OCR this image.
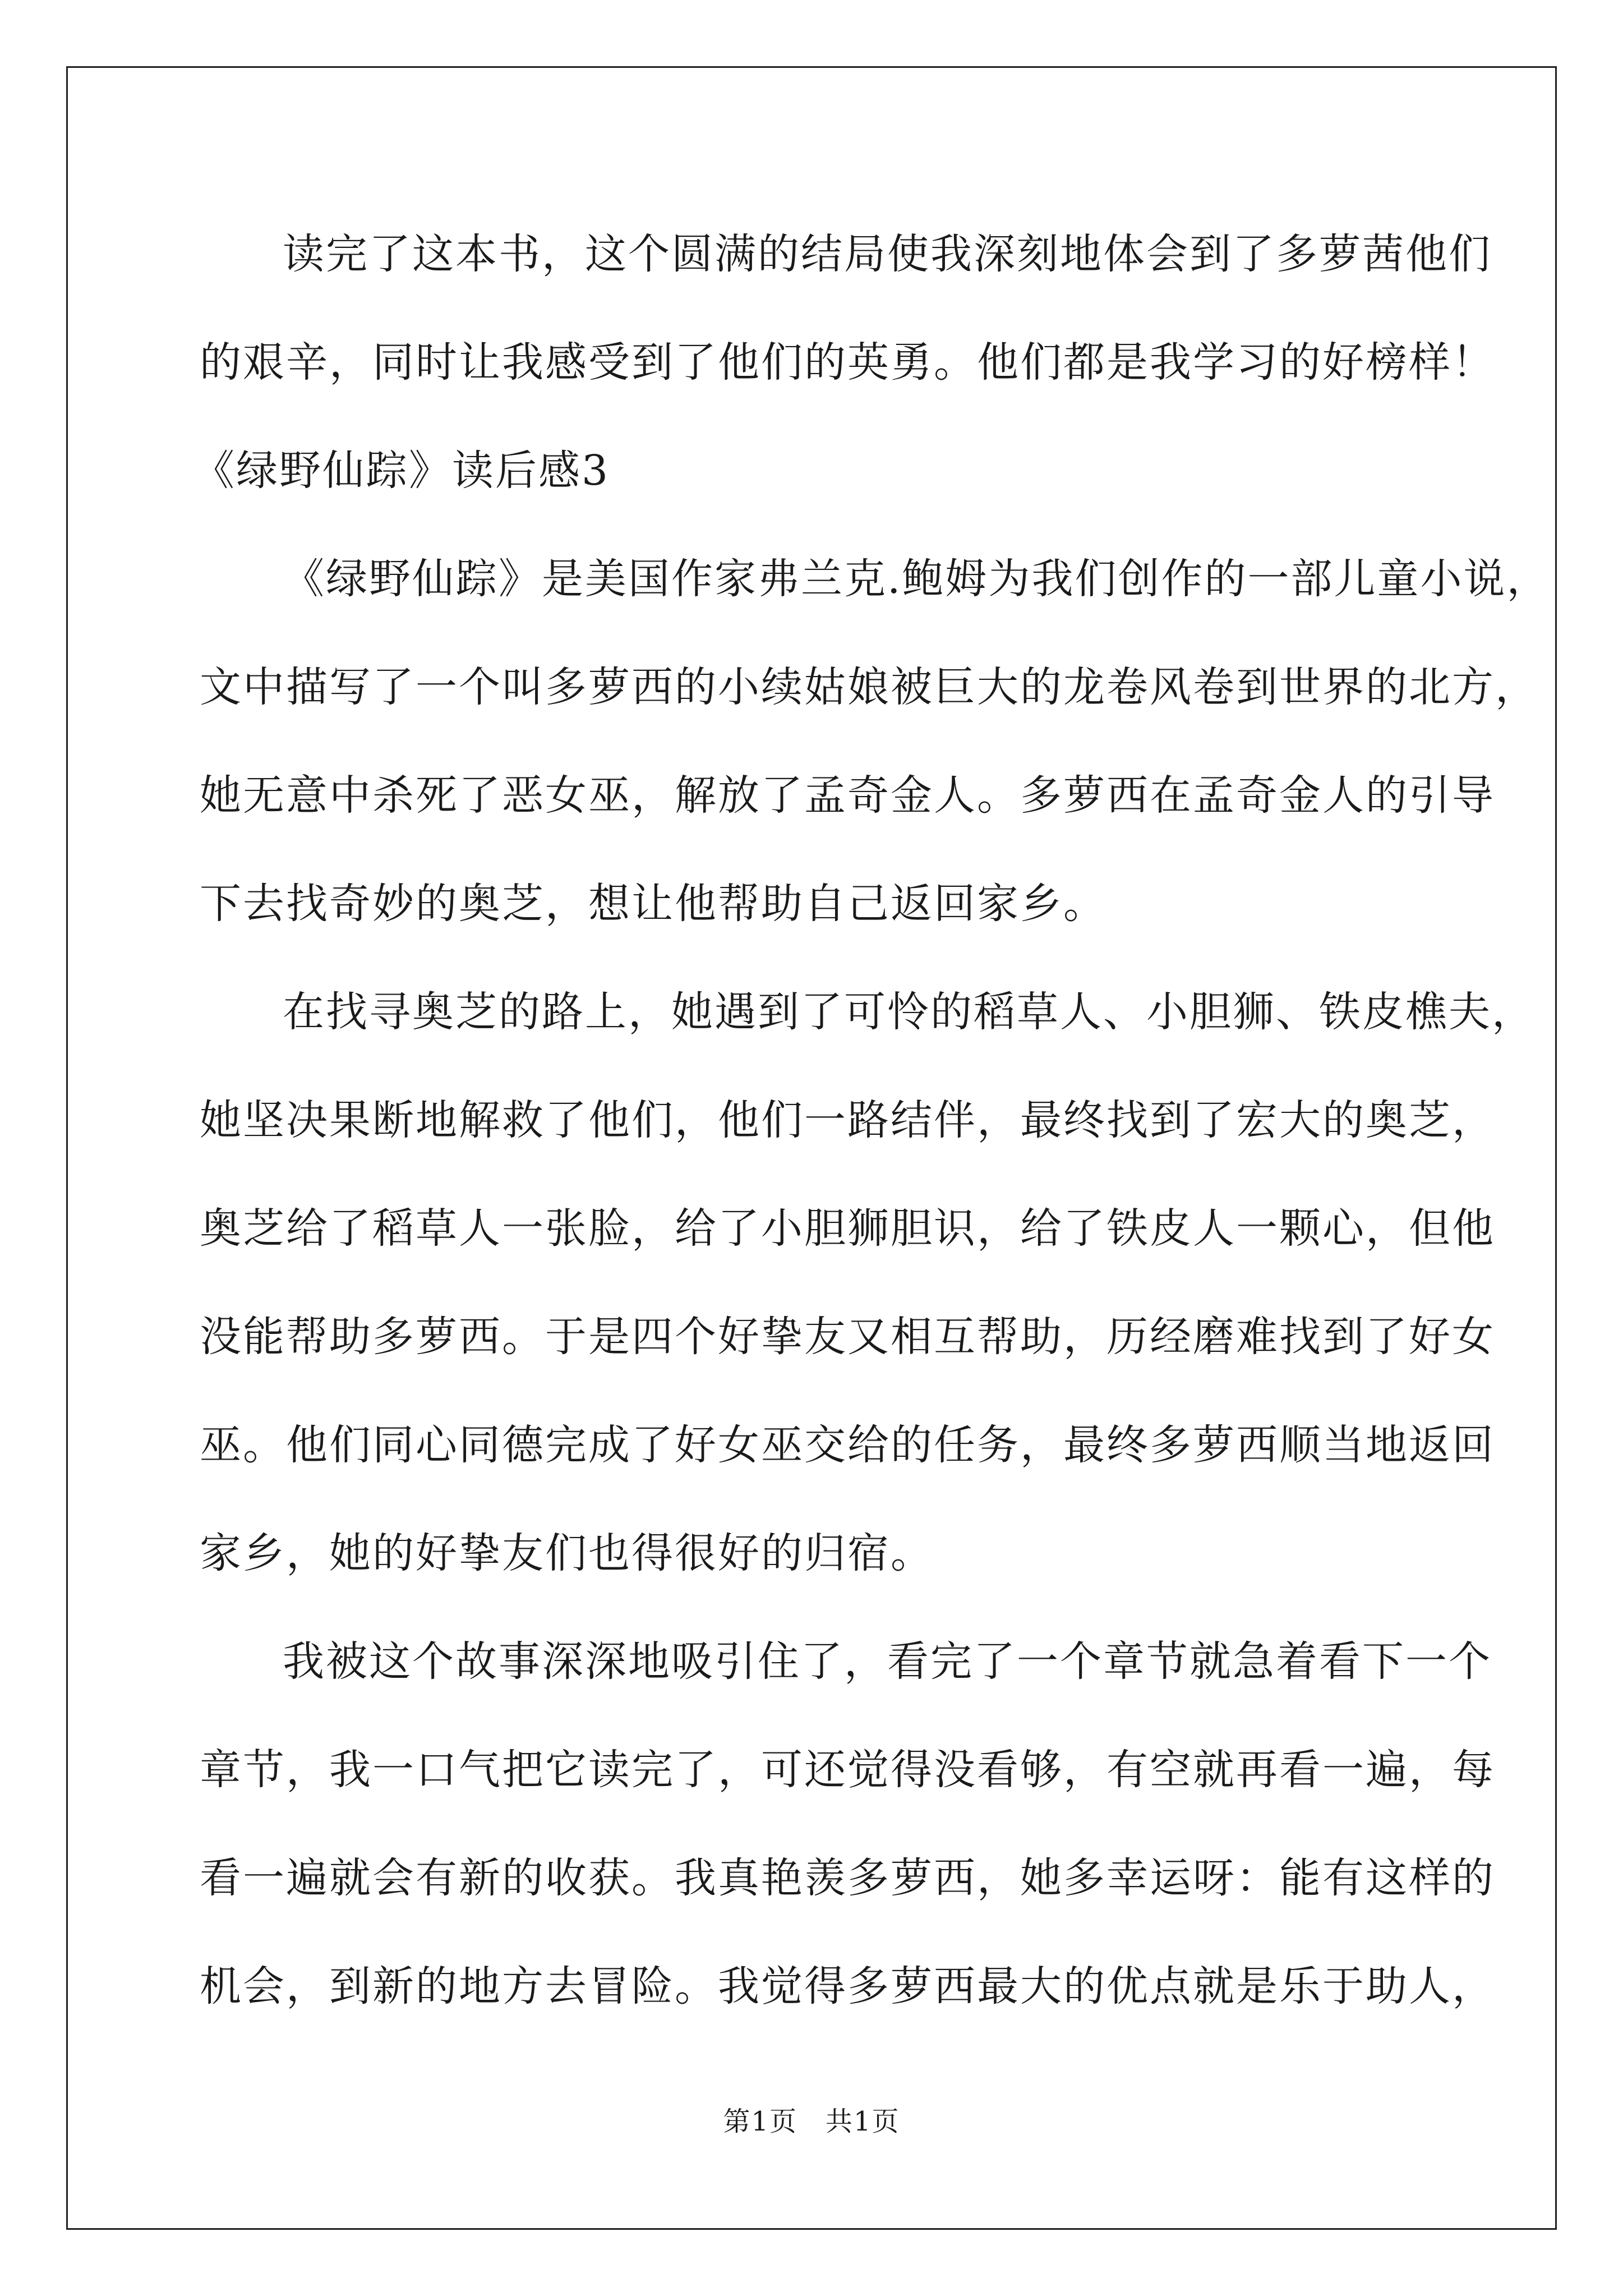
读完了这本书，这个圆满的结局使我深刻地体会到了多萝茜他们
的艰辛，同时让我感受到了他们的英勇。他们都是我学习的好榜样！
《绿野仙踪》读后感3
《绿野仙踪》是美国作家弗兰克.鲍姆为我们创作的一部儿童小说，
文中描写了一个叫多萝西的小续姑娘被巨大的龙卷风卷到世界的北方，
她无意中杀死了恶女巫，解放了孟奇金人。多萝西在孟奇金人的引导
下去找奇妙的奥芝，想让他帮助自己返回家乡。
在找寻奥芝的路上，她遇到了可怜的稻草人、小胆狮、铁皮樵夫，
她坚决果断地解救了他们，他们一路结伴，最终找到了宏大的奥芝，
奥芝给了稻草人一张脸，给了小胆狮胆识，给了铁皮人一颗心，但他
没能帮助多萝西。于是四个好挚友又相互帮助，历经磨难找到了好女
巫。他们同心同德完成了好女巫交给的任务，最终多萝西顺当地返回
家乡，她的好挚友们也得很好的归宿。
我被这个故事深深地吸引住了，看完了一个章节就急着看下一个
章节，我一口气把它读完了，可还觉得没看够，有空就再看一遍，每
看一遍就会有新的收获。我真艳羡多萝西，她多幸运呀：能有这样的
机会，到新的地方去冒险。我觉得多萝西最大的优点就是乐于助人，
第1页　共1页
